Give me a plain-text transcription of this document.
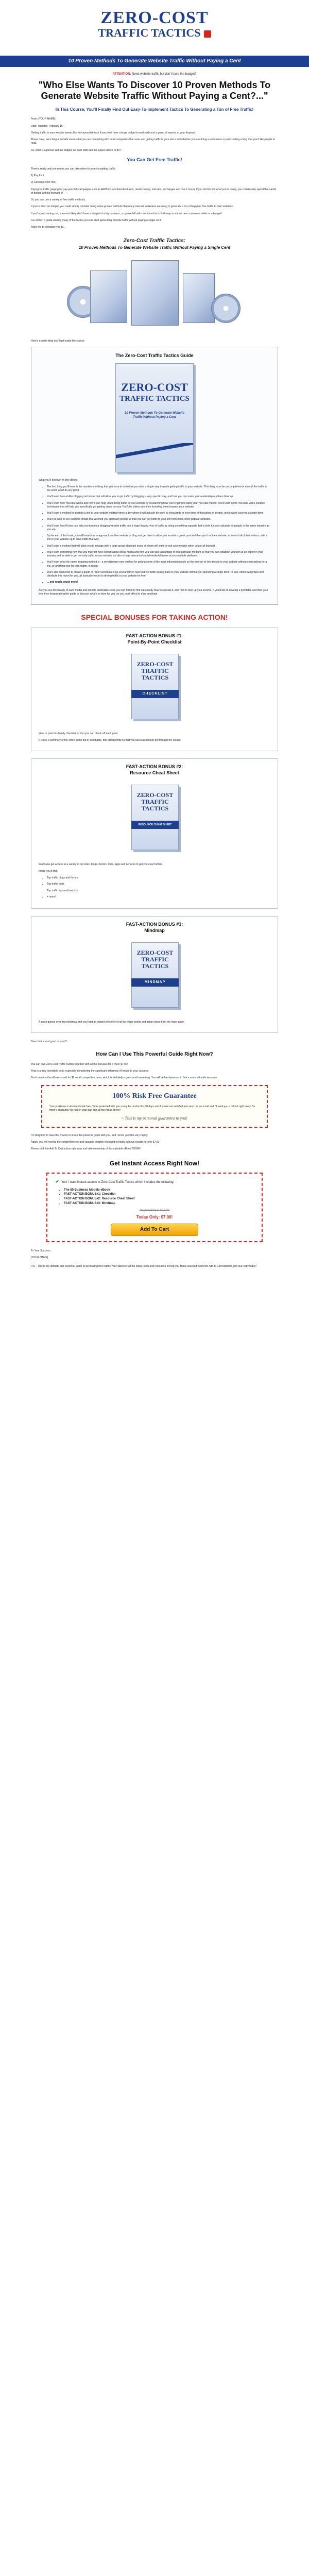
ZERO-COST
TRAFFIC TACTICS
10 Proven Methods To Generate Website Traffic Without Paying a Cent
ATTENTION: Need website traffic but don't have the budget?
"Who Else Wants To Discover 10 Proven Methods To Generate Website Traffic Without Paying a Cent?..."
In This Course, You'll Finally Find Out Easy-To-Implement Tactics To Generating a Ton of Free Traffic!

From: [YOUR NAME]

Date: Tuesday, February 16

Getting traffic to your website seems like an impossible task if you don't have a huge budget to work with and a group of experts at your disposal.

These days, launching a website means that you are competing with more companies than ever and getting traffic to your site is not whether you are doing e-commerce or just creating a blog that you'd like people to read.

So, what is a person with no budget, no SEO skills and no expert advice to do?

You Can Get Free Traffic!

There's really only two routes you can take when it comes to getting traffic:

1) Pay for it

2) Generate it for free

Paying for traffic (paying for pay-per-click campaigns such as AdWords and Facebook Ads, media buying, solo ads, exchanges and much more). If you don't know what you're doing, you could easily spend thousands of dollars without knowing it!

Or, you can use a variety of free traffic methods.

If you're short on budget, you could simply consider using some proven methods that many internet marketers are using to generate a ton of targeted, free traffic to their websites.

If you're just starting out, you most likely don't have a budget of a big business, so you're left with no choice but to find ways to attract new customers while on a budget!

I've written a guide sharing many of the tactics you can start generating website traffic without paying a single cent.

Allow me to introduce you to...

Zero-Cost Traffic Tactics:
10 Proven Methods To Generate Website Traffic Without Paying a Single Cent

Here's exactly what you'll get inside the course:

The Zero-Cost Traffic Tactics Guide
ZERO-COST
TRAFFIC TACTICS
10 Proven Methods To Generate Website Traffic Without Paying a Cent

What you'll discover in this eBook:

• The first thing you'll learn is the number one thing that you have to do before you take a single step towards getting traffic to your website. This thing must be accomplished or else all the traffic in the world won't do any good.
• You'll learn how a killer blogging technique that will allow you to get traffic by blogging a very specific way, and how you can make your readership numbers blow up.
• You'll learn how YouTube works and how it can help you to bring traffic to your website by researching how you're going to tailor your YouTube videos. You'll learn some YouTube video creation techniques that will help you specifically get getting views on your YouTube videos and then funneling them towards your website.
• You'll learn a method for posting a link to your website multiple times a day where it will actually be seen by thousands or even tens of thousands of people, and it won't cost you a single dime.
• You'll be able to see example emails that will help you approach people so that you can get traffic to your site from other, more popular websites.
• You'll learn how iTunes can help you turn your blogging website traffic into a huge flowing river of traffic by doing something reguarly that is both fun and valuable for people in the same industry as you are.
• By the end of this book, you will know how to approach another website or blog and get them to allow you to write a guest post and then put it on their website, in front of all of their visitors, with a link to your website up to drive traffic that way.
• You'll learn a method that will allow you to engage with a large group of people many of whom will want to visit your website when you're all finished.
• You'll learn something new that you may not have known about social media and how you can take advantage of this particular medium so that you can establish yourself as an expert in your industry and be able to get not only traffic to your website but also a huge amount of social media followers across multiple platforms.
• You'll learn what the name dropping method is - a revolutionary new method for getting some of the most influential people on the internet to link directly to your website without even asking for a link, or anything else for that matter, in return.
• You'll also learn how to create a guide or report and make it go viral and then have it drive traffic quickly back to your website without you spending a single dime. In fact, others will propel and distribute this report for you, all basically forced to driving traffic to your website for free!
• ... and much, much more!

Are you see the beauty of each model and provide actionable steps you can follow to find out exactly how to execute it, and how to step up your income. If you'd like to develop a profitable and then your time then keep reading the guide to discover what's in store for you, as you can't afford to miss anything!

SPECIAL BONUSES FOR TAKING ACTION!
FAST-ACTION BONUS #1:
Point-By-Point Checklist
ZERO-COST
TRAFFIC TACTICS
CHECKLIST

View or print this handy checklist so that you can check off each point.

It is like a summary of the entire guide but in actionable, bite sized points so that you can successfully get through the course.

FAST-ACTION BONUS #2:
Resource Cheat Sheet
ZERO-COST
TRAFFIC TACTICS
RESOURCE CHEAT SHEET

You'll also get access to a variety of top sites, blogs, forums, tools, apps and services to get you even further.

Inside you'll find:

• Top traffic blogs and forums
• Top traffic tools
• Top traffic tips and how to's
• + more!
FAST-ACTION BONUS #3:
Mindmap
ZERO-COST
TRAFFIC TACTICS
MINDMAP

A quick glance over this mindmap and you'll get an instant refresher of all the major points and action steps from the main guide.

Does that sound good or what?

How Can I Use This Powerful Guide Right Now?

You can own Zero-Cost Traffic Tactics together with all the bonuses for a mere $7.00!

That is a truly incredible deal, especially considering the significant difference it'll make to your success.

Don't mention the eBook is sold for $7 on all competitive rates, which is definitely a good worth repeating. You will be hard-pressed to find a more valuable resource.

100% Risk Free Guarantee

Your purchase is absolutely risk free. To be protected with you using the product for 30 days and if you're not satisfied just send me an email and I'll send you a refund right away. So there's absolutely no risk on your part and all the risk is on me!

~ This is my personal guarantee to you!

I'm delighted to have the chance to share this powerful guide with you, and I know you'll be very happy.

Again, you will receive the comprehensive and valuable insights you need to finally achieve results for only $7.00

Please click the Add To Cart button right now and take ownership of this valuable eBook TODAY!

Get Instant Access Right Now!

✔ Yes! I want instant access to Zero-Cost Traffic Tactics which includes the following:

• The 50 Business Models eBook
• FAST-ACTION BONUS#1: Checklist
• FAST-ACTION BONUS#2: Resource Cheat Sheet
• FAST-ACTION BONUS#3: Mindmap
Regular Price: $27.00
Today Only: $7.00!
Add To Cart

To Your Success,

[YOUR NAME]

P.S. - This is the ultimate and essential guide to generating free traffic! You'll discover all the steps, tools and resources to help you finally succeed! Click the Add to Cart button to get your copy today!
